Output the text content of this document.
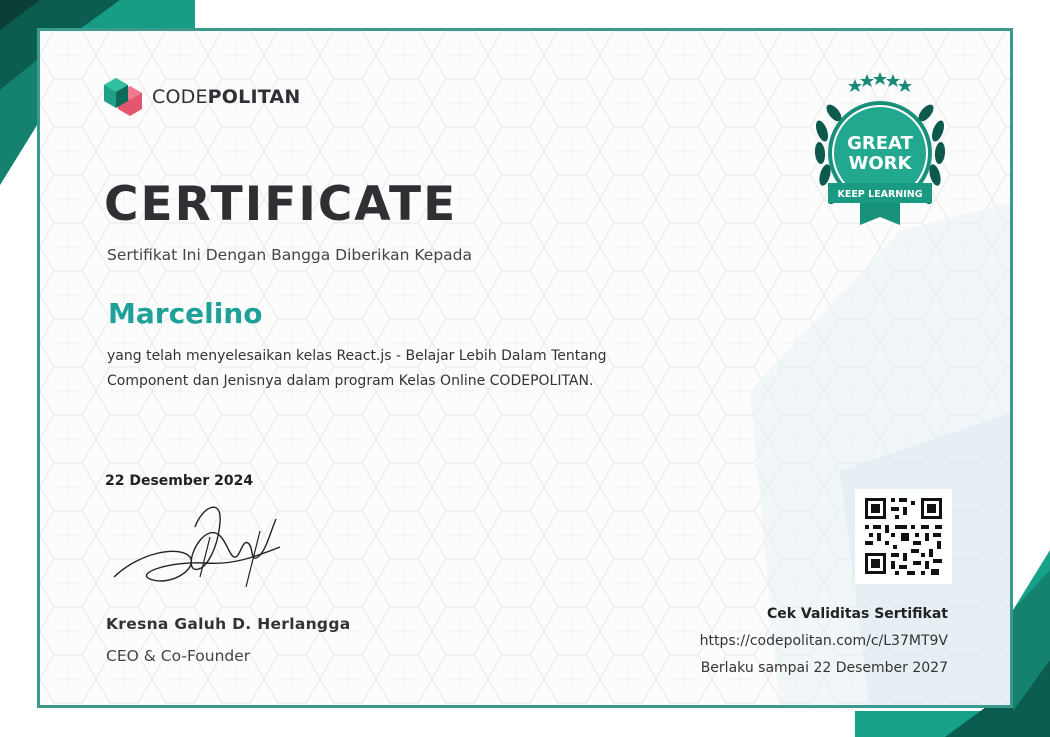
CODEPOLITAN
CERTIFICATE
Sertifikat Ini Dengan Bangga Diberikan Kepada
Marcelino
yang telah menyelesaikan kelas React.js - Belajar Lebih Dalam Tentang
Component dan Jenisnya dalam program Kelas Online CODEPOLITAN.
22 Desember 2024
Kresna Galuh D. Herlangga
CEO & Co-Founder
GREAT
WORK
KEEP LEARNING
Cek Validitas Sertifikat
https://codepolitan.com/c/L37MT9V
Berlaku sampai 22 Desember 2027
